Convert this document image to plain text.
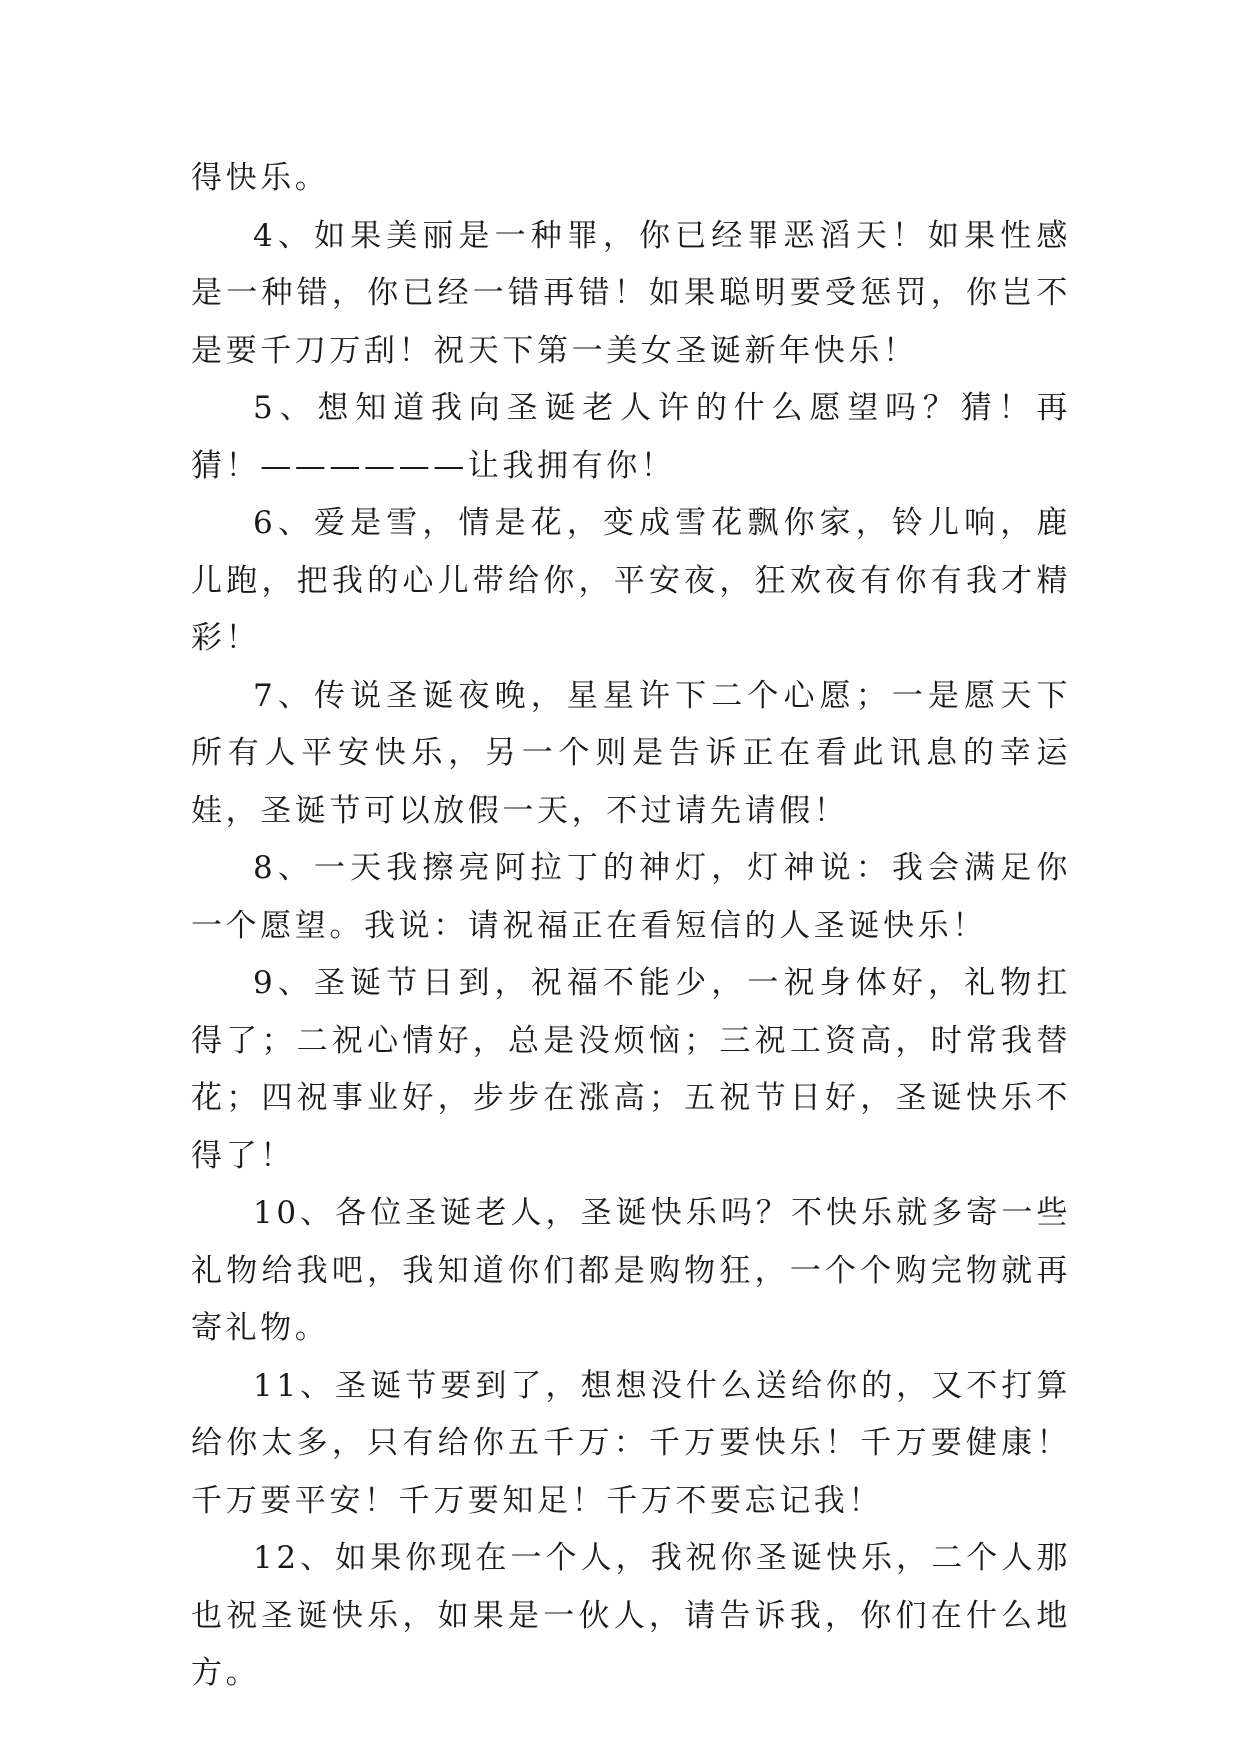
得快乐。

4、如果美丽是一种罪，你已经罪恶滔天！如果性感是一种错，你已经一错再错！如果聪明要受惩罚，你岂不是要千刀万刮！祝天下第一美女圣诞新年快乐！

5、想知道我向圣诞老人许的什么愿望吗？猜！再猜！——————让我拥有你！

6、爱是雪，情是花，变成雪花飘你家，铃儿响，鹿儿跑，把我的心儿带给你，平安夜，狂欢夜有你有我才精彩！

7、传说圣诞夜晚，星星许下二个心愿；一是愿天下所有人平安快乐，另一个则是告诉正在看此讯息的幸运娃，圣诞节可以放假一天，不过请先请假！

8、一天我擦亮阿拉丁的神灯，灯神说：我会满足你一个愿望。我说：请祝福正在看短信的人圣诞快乐！

9、圣诞节日到，祝福不能少，一祝身体好，礼物扛得了；二祝心情好，总是没烦恼；三祝工资高，时常我替花；四祝事业好，步步在涨高；五祝节日好，圣诞快乐不得了！

10、各位圣诞老人，圣诞快乐吗？不快乐就多寄一些礼物给我吧，我知道你们都是购物狂，一个个购完物就再寄礼物。

11、圣诞节要到了，想想没什么送给你的，又不打算给你太多，只有给你五千万：千万要快乐！千万要健康！千万要平安！千万要知足！千万不要忘记我！

12、如果你现在一个人，我祝你圣诞快乐，二个人那也祝圣诞快乐，如果是一伙人，请告诉我，你们在什么地方。
